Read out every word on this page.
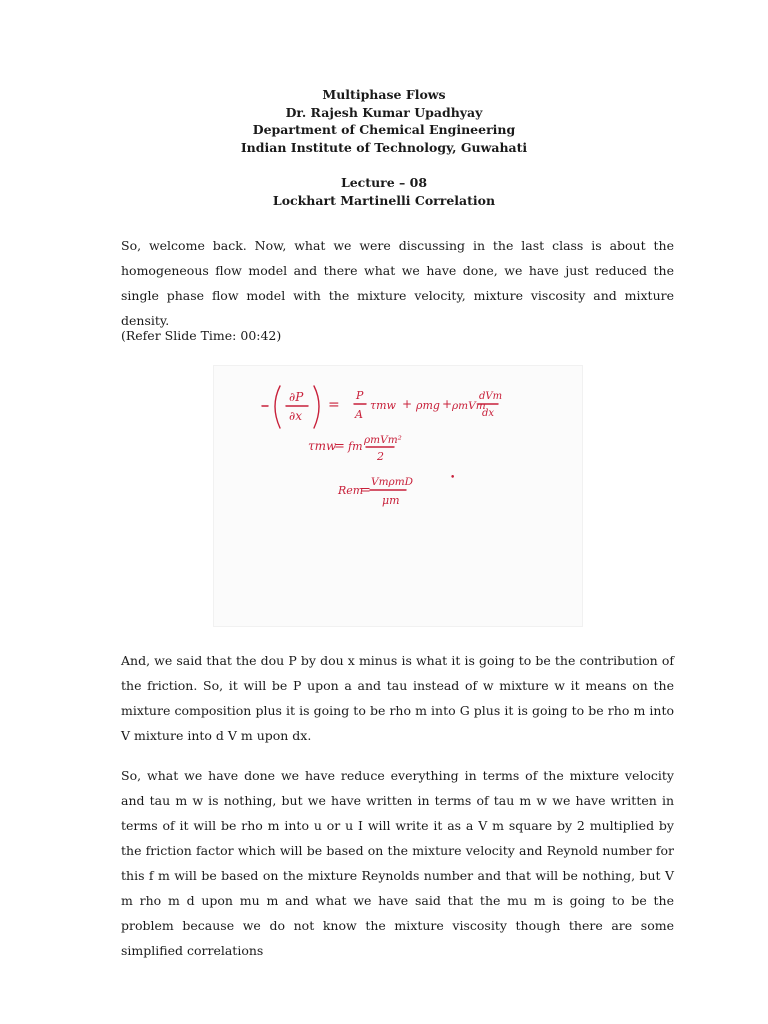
Multiphase Flows
Dr. Rajesh Kumar Upadhyay
Department of Chemical Engineering
Indian Institute of Technology, Guwahati
Lecture – 08
Lockhart Martinelli Correlation
So, welcome back. Now, what we were discussing in the last class is about the homogeneous flow model and there what we have done, we have just reduced the single phase flow model with the mixture velocity, mixture viscosity and mixture density.
(Refer Slide Time: 00:42)
∂P
∂x
=
P
A
τmw + ρmg + ρmVm
dVm
dx
τmw
= fm ρmVm²
2
Rem
=
VmρmD
μm
•
And, we said that the dou P by dou x minus is what it is going to be the contribution of the friction. So, it will be P upon a and tau instead of w mixture w it means on the mixture composition plus it is going to be rho m into G plus it is going to be rho m into V mixture into d V m upon dx.
So, what we have done we have reduce everything in terms of the mixture velocity and tau m w is nothing, but we have written in terms of tau m w we have written in terms of it will be rho m into u or u I will write it as a V m square by 2 multiplied by the friction factor which will be based on the mixture velocity and Reynold number for this f m will be based on the mixture Reynolds number and that will be nothing, but V m rho m d upon mu m and what we have said that the mu m is going to be the problem because we do not know the mixture viscosity though there are some simplified correlations
